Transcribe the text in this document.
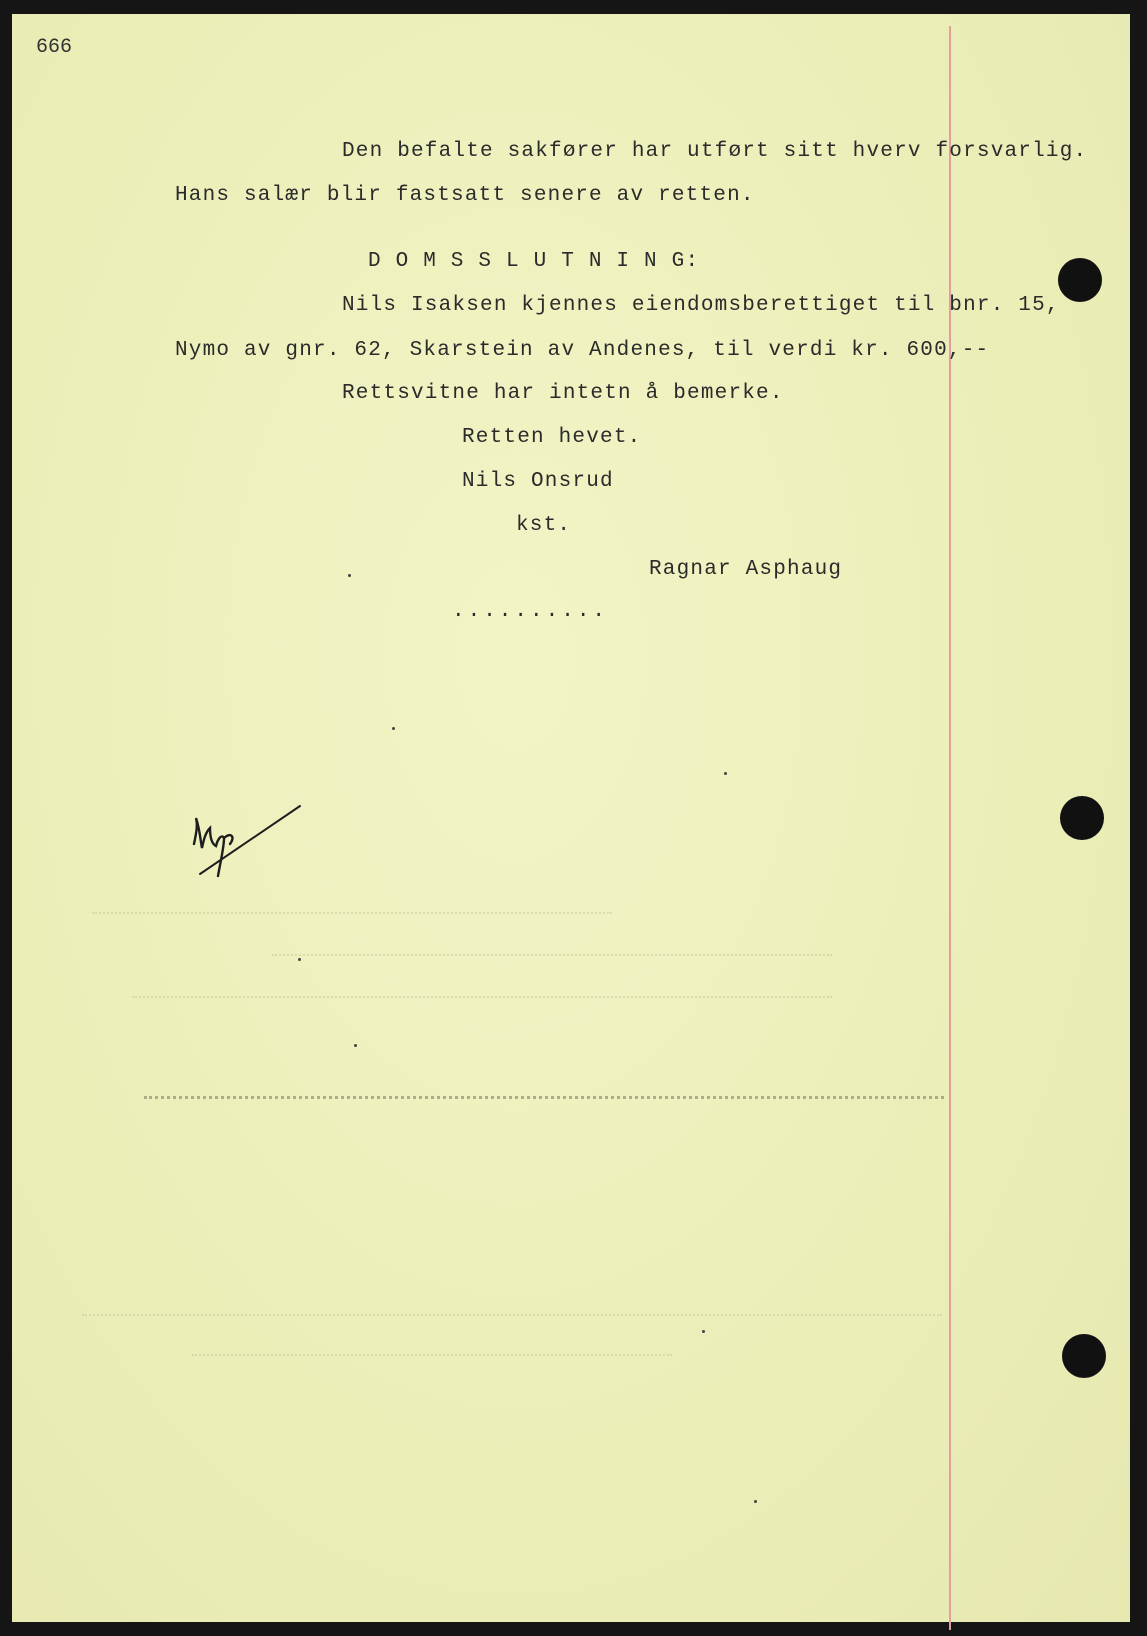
666
Den befalte sakfører har utført sitt hverv forsvarlig.
Hans salær blir fastsatt senere av retten.
D O M S S L U T N I N G:
Nils Isaksen kjennes eiendomsberettiget til bnr. 15,
Nymo av gnr. 62, Skarstein av Andenes, til verdi kr. 600,--
Rettsvitne har intetn å bemerke.
Retten hevet.
Nils Onsrud
kst.
Ragnar Asphaug
..........
